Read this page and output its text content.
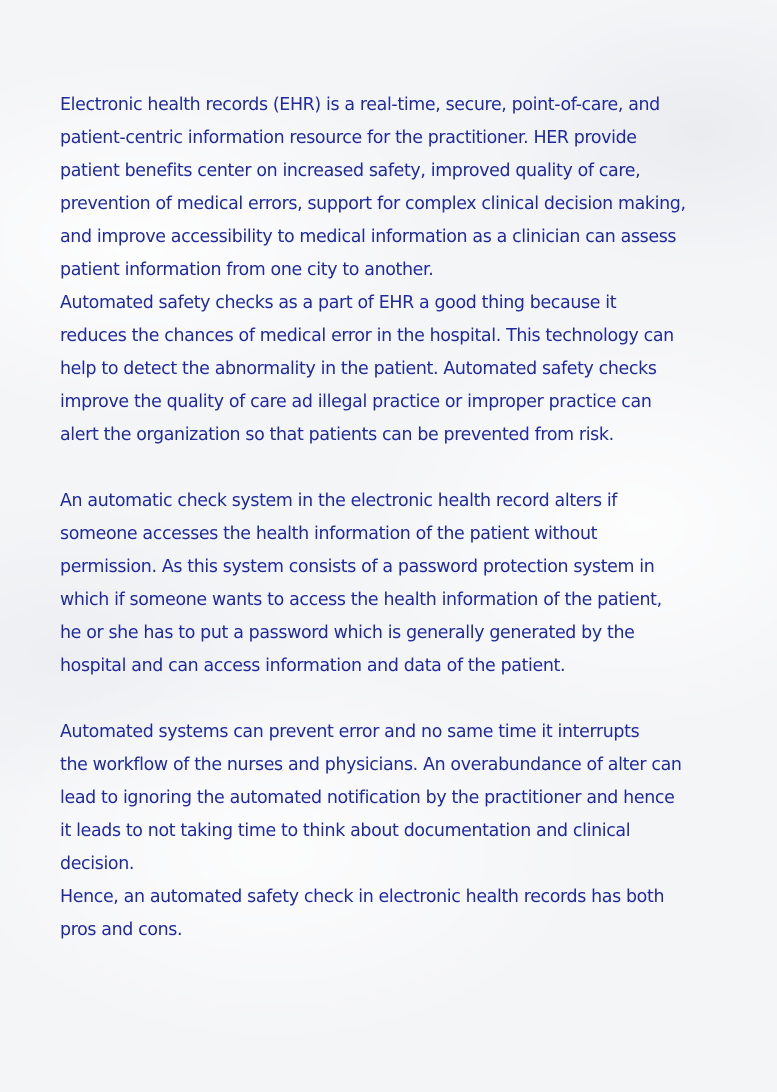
Electronic health records (EHR) is a real-time, secure, point-of-care, and
patient-centric information resource for the practitioner. HER provide
patient benefits center on increased safety, improved quality of care,
prevention of medical errors, support for complex clinical decision making,
and improve accessibility to medical information as a clinician can assess
patient information from one city to another.

Automated safety checks as a part of EHR a good thing because it
reduces the chances of medical error in the hospital. This technology can
help to detect the abnormality in the patient. Automated safety checks
improve the quality of care ad illegal practice or improper practice can
alert the organization so that patients can be prevented from risk.

An automatic check system in the electronic health record alters if
someone accesses the health information of the patient without
permission. As this system consists of a password protection system in
which if someone wants to access the health information of the patient,
he or she has to put a password which is generally generated by the
hospital and can access information and data of the patient.

Automated systems can prevent error and no same time it interrupts
the workflow of the nurses and physicians. An overabundance of alter can
lead to ignoring the automated notification by the practitioner and hence
it leads to not taking time to think about documentation and clinical
decision.

Hence, an automated safety check in electronic health records has both
pros and cons.
